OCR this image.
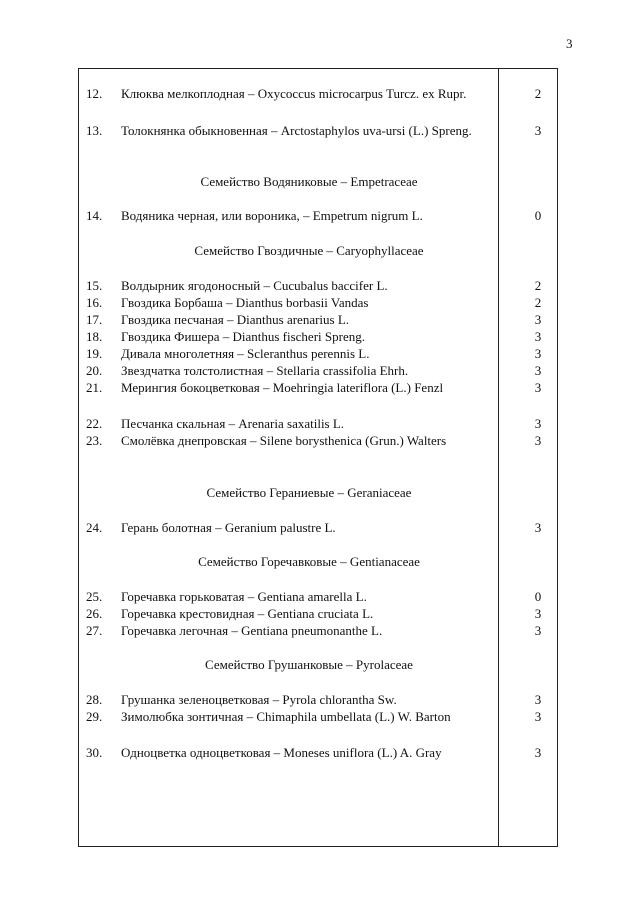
3
12. Клюква мелкоплодная – Oxycoccus microcarpus Turcz. ex Rupr.	2
13. Толокнянка обыкновенная – Arctostaphylos uva-ursi (L.) Spreng.	3
Семейство Водяниковые – Empetraceae
14. Водяника черная, или вороника, – Empetrum nigrum L.	0
Семейство Гвоздичные – Caryophyllaceae
15. Волдырник ягодоносный – Cucubalus baccifer L.	2
16. Гвоздика Борбаша – Dianthus borbasii Vandas	2
17. Гвоздика песчаная – Dianthus arenarius L.	3
18. Гвоздика Фишера – Dianthus fischeri Spreng.	3
19. Дивала многолетняя – Scleranthus perennis L.	3
20. Звездчатка толстолистная – Stellaria crassifolia Ehrh.	3
21. Мерингия бокоцветковая – Moehringia lateriflora (L.) Fenzl	3
22. Песчанка скальная – Arenaria saxatilis L.	3
23. Смолёвка днепровская – Silene borysthenica (Grun.) Walters	3
Семейство Гераниевые – Geraniaceae
24. Герань болотная – Geranium palustre L.	3
Семейство Горечавковые – Gentianaceae
25. Горечавка горьковатая – Gentiana amarella L.	0
26. Горечавка крестовидная – Gentiana cruciata L.	3
27. Горечавка легочная – Gentiana pneumonanthe L.	3
Семейство Грушанковые – Pyrolaceae
28. Грушанка зеленоцветковая – Pyrola chlorantha Sw.	3
29. Зимолюбка зонтичная – Chimaphila umbellata (L.) W. Barton	3
30. Одноцветка одноцветковая – Moneses uniflora (L.) A. Gray	3
